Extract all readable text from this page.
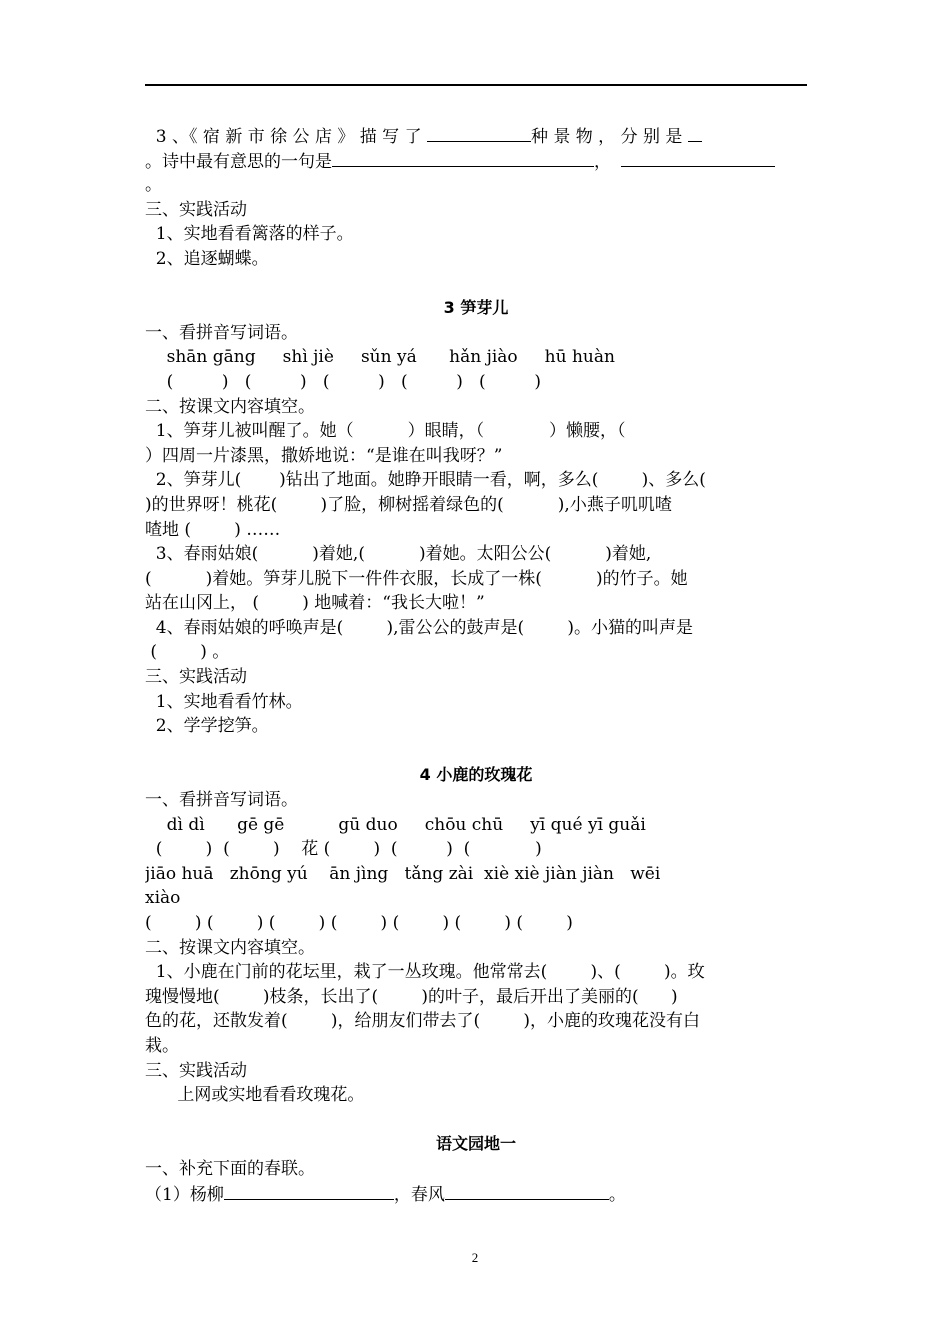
3 、《 宿 新 市 徐 公 店 》 描 写 了	种 景 物 ， 分 别 是
。诗中最有意思的一句是	，
。
三、实践活动
1、实地看看篱落的样子。
2、追逐蝴蝶。
3 笋芽儿
一、看拼音写词语。
shān gāng     shì jiè     sǔn yá      hǎn jiào     hū huàn
(         )   (         )   (         )   (         )   (         )
二、按课文内容填空。
1、笋芽儿被叫醒了。她（          ）眼睛，（            ）懒腰，（
）四周一片漆黑，撒娇地说：“是谁在叫我呀？”
2、笋芽儿(       )钻出了地面。她睁开眼睛一看，啊，多么(        )、多么(
)的世界呀！桃花(        )了脸，柳树摇着绿色的(          ),小燕子叽叽喳
喳地 (        ) ……
3、春雨姑娘(          )着她,(          )着她。太阳公公(          )着她,
(          )着她。笋芽儿脱下一件件衣服，长成了一株(          )的竹子。她
站在山冈上， (        ) 地喊着：“我长大啦！”
4、春雨姑娘的呼唤声是(        ),雷公公的鼓声是(        )。小猫的叫声是
(        ) 。
三、实践活动
1、实地看看竹林。
2、学学挖笋。
4 小鹿的玫瑰花
一、看拼音写词语。
dì dì      gē gē          gū duo     chōu chū     yī qué yī guǎi
(        )  (        )    花 (        )  (         )  (            )
jiāo huā   zhōng yú    ān jìng   tǎng zài  xiè xiè jiàn jiàn   wēi
xiào
(        ) (        ) (        ) (        ) (        ) (        ) (        )
二、按课文内容填空。
1、小鹿在门前的花坛里，栽了一丛玫瑰。他常常去(        )、(        )。玫
瑰慢慢地(        )枝条，长出了(        )的叶子，最后开出了美丽的(      )
色的花，还散发着(        )，给朋友们带去了(        )，小鹿的玫瑰花没有白
栽。
三、实践活动
上网或实地看看玫瑰花。
语文园地一
一、补充下面的春联。
（1）杨柳	，春风	。
2
